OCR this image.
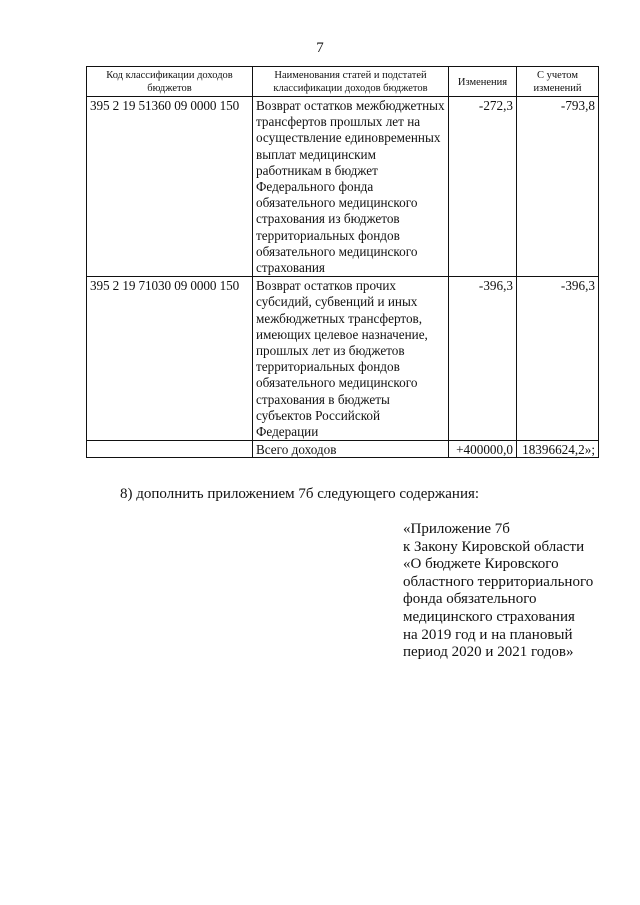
7
Код классификации доходов бюджетов	Наименования статей и подстатей классификации доходов бюджетов	Изменения	С учетом изменений
395 2 19 51360 09 0000 150	Возврат остатков межбюджетных трансфертов прошлых лет на осуществление единовременных выплат медицинским работникам в бюджет Федерального фонда обязательного медицинского страхования из бюджетов территориальных фондов обязательного медицинского страхования	-272,3	-793,8
395 2 19 71030 09 0000 150	Возврат остатков прочих субсидий, субвенций и иных межбюджетных трансфертов, имеющих целевое назначение, прошлых лет из бюджетов территориальных фондов обязательного медицинского страхования в бюджеты субъектов Российской Федерации	-396,3	-396,3
	Всего доходов	+400000,0	18396624,2»;
8) дополнить приложением 7б следующего содержания:
«Приложение 7б
к Закону Кировской области
«О бюджете Кировского
областного территориального
фонда обязательного
медицинского страхования
на 2019 год и на плановый
период 2020 и 2021 годов»
